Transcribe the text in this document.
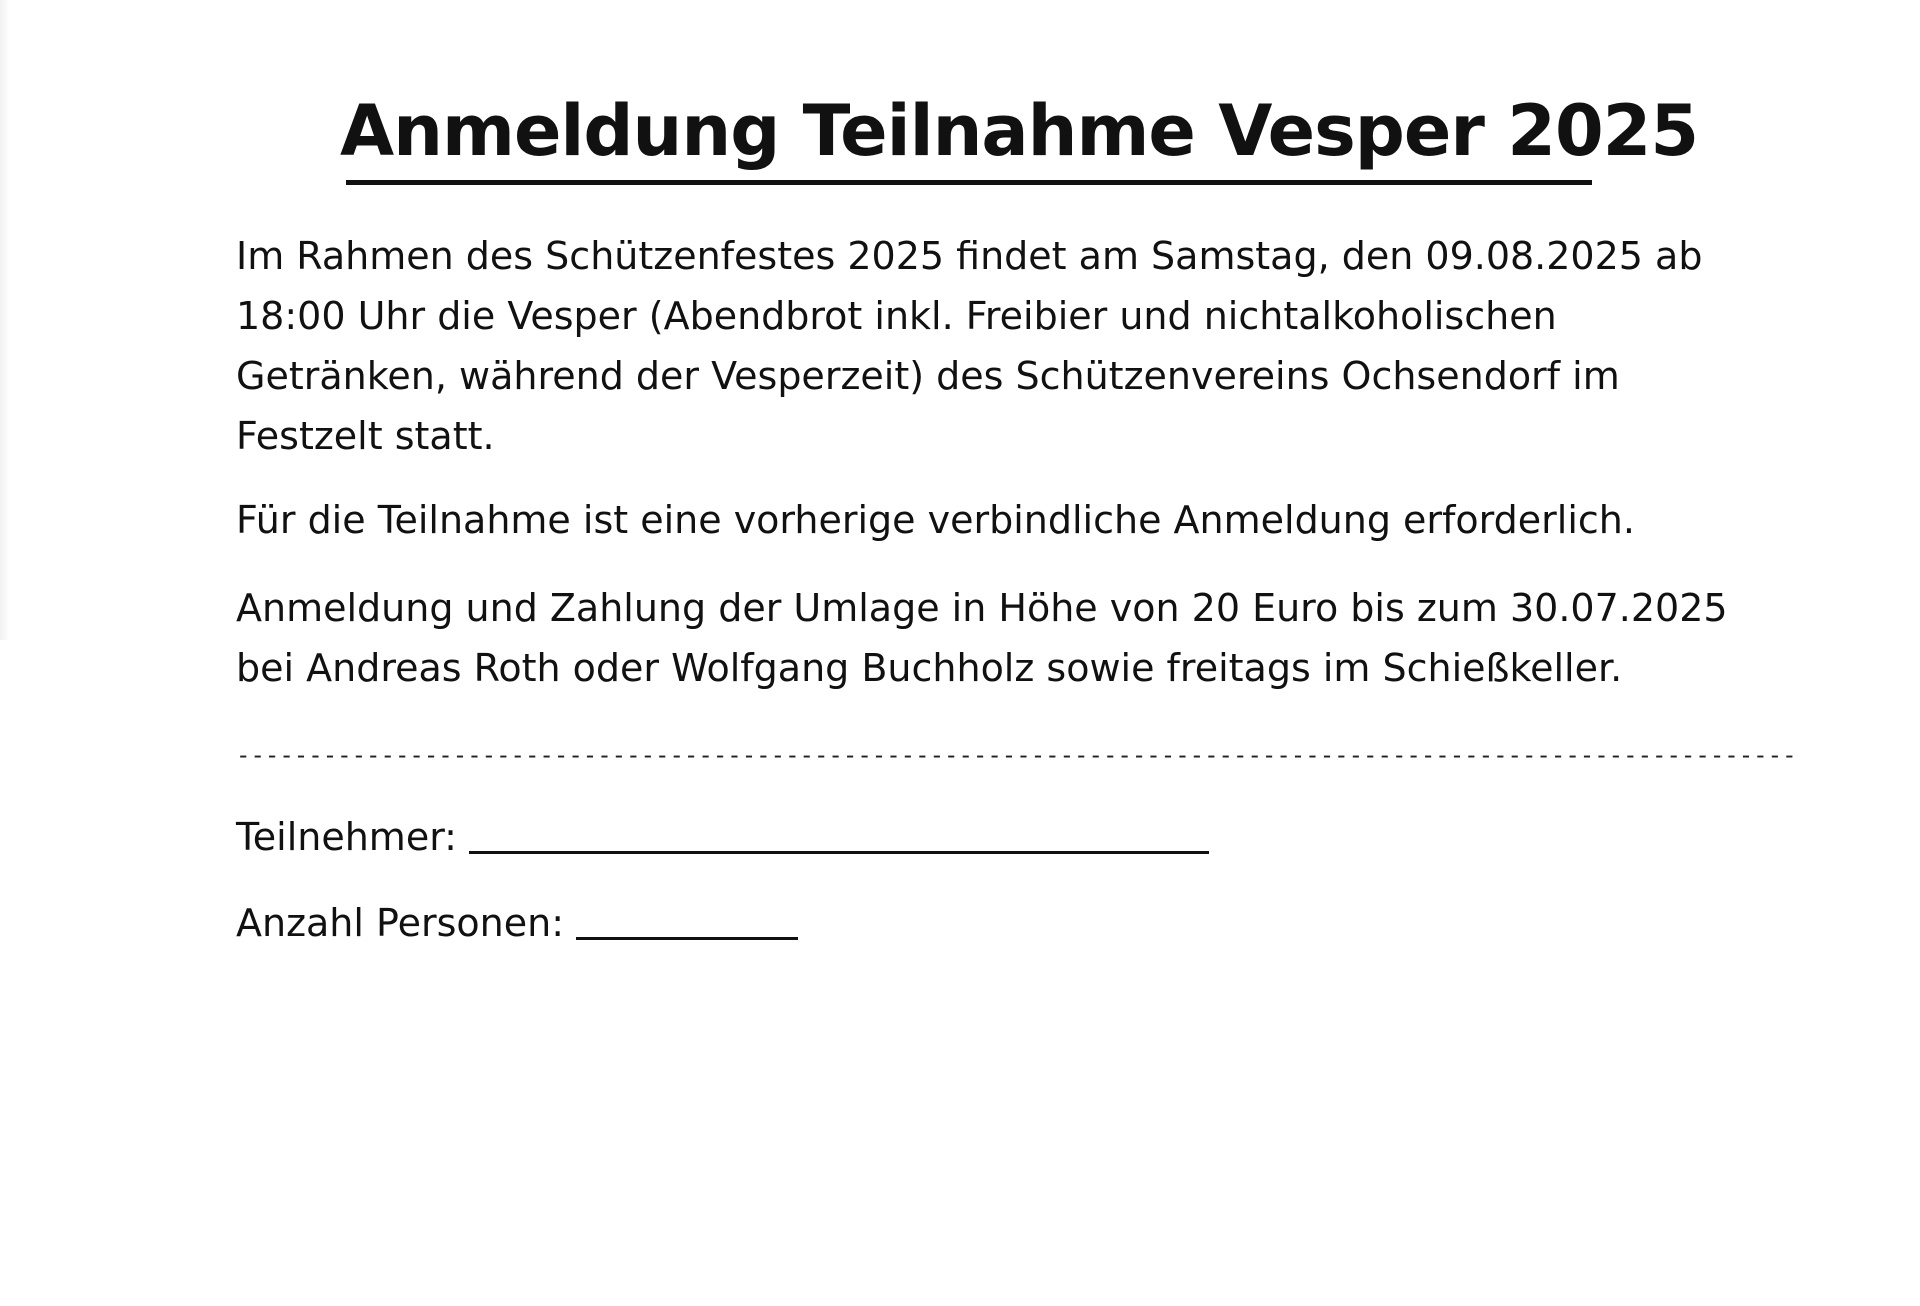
Anmeldung Teilnahme Vesper 2025
Im Rahmen des Schützenfestes 2025 findet am Samstag, den 09.08.2025 ab
18:00 Uhr die Vesper (Abendbrot inkl. Freibier und nichtalkoholischen
Getränken, während der Vesperzeit) des Schützenvereins Ochsendorf im
Festzelt statt.

Für die Teilnahme ist eine vorherige verbindliche Anmeldung erforderlich.

Anmeldung und Zahlung der Umlage in Höhe von 20 Euro bis zum 30.07.2025
bei Andreas Roth oder Wolfgang Buchholz sowie freitags im Schießkeller.
------------------------------------------------------------------------------------------------------------
Teilnehmer:
Anzahl Personen:
